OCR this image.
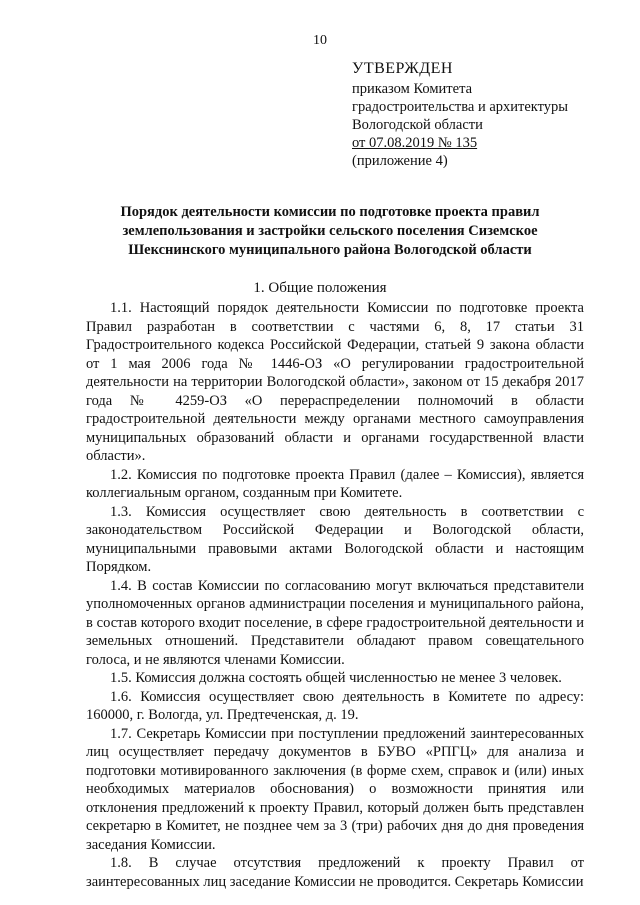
10
УТВЕРЖДЕН
приказом Комитета
градостроительства и архитектуры
Вологодской области
от 07.08.2019 № 135
(приложение 4)
Порядок деятельности комиссии по подготовке проекта правил землепользования и застройки сельского поселения Сиземское Шекснинского муниципального района Вологодской области
1. Общие положения

1.1. Настоящий порядок деятельности Комиссии по подготовке проекта Правил разработан в соответствии с частями 6, 8, 17 статьи 31 Градостроительного кодекса Российской Федерации, статьей 9 закона области от 1 мая 2006 года № 1446-ОЗ «О регулировании градостроительной деятельности на территории Вологодской области», законом от 15 декабря 2017 года № 4259-ОЗ «О перераспределении полномочий в области градостроительной деятельности между органами местного самоуправления муниципальных образований области и органами государственной власти области».

1.2. Комиссия по подготовке проекта Правил (далее – Комиссия), является коллегиальным органом, созданным при Комитете.

1.3. Комиссия осуществляет свою деятельность в соответствии с законодательством Российской Федерации и Вологодской области, муниципальными правовыми актами Вологодской области и настоящим Порядком.

1.4. В состав Комиссии по согласованию могут включаться представители уполномоченных органов администрации поселения и муниципального района, в состав которого входит поселение, в сфере градостроительной деятельности и земельных отношений. Представители обладают правом совещательного голоса, и не являются членами Комиссии.

1.5. Комиссия должна состоять общей численностью не менее 3 человек.

1.6. Комиссия осуществляет свою деятельность в Комитете по адресу: 160000, г. Вологда, ул. Предтеченская, д. 19.

1.7. Секретарь Комиссии при поступлении предложений заинтересованных лиц осуществляет передачу документов в БУВО «РПГЦ» для анализа и подготовки мотивированного заключения (в форме схем, справок и (или) иных необходимых материалов обоснования) о возможности принятия или отклонения предложений к проекту Правил, который должен быть представлен секретарю в Комитет, не позднее чем за 3 (три) рабочих дня до дня проведения заседания Комиссии.

1.8. В случае отсутствия предложений к проекту Правил от заинтересованных лиц заседание Комиссии не проводится. Секретарь Комиссии
